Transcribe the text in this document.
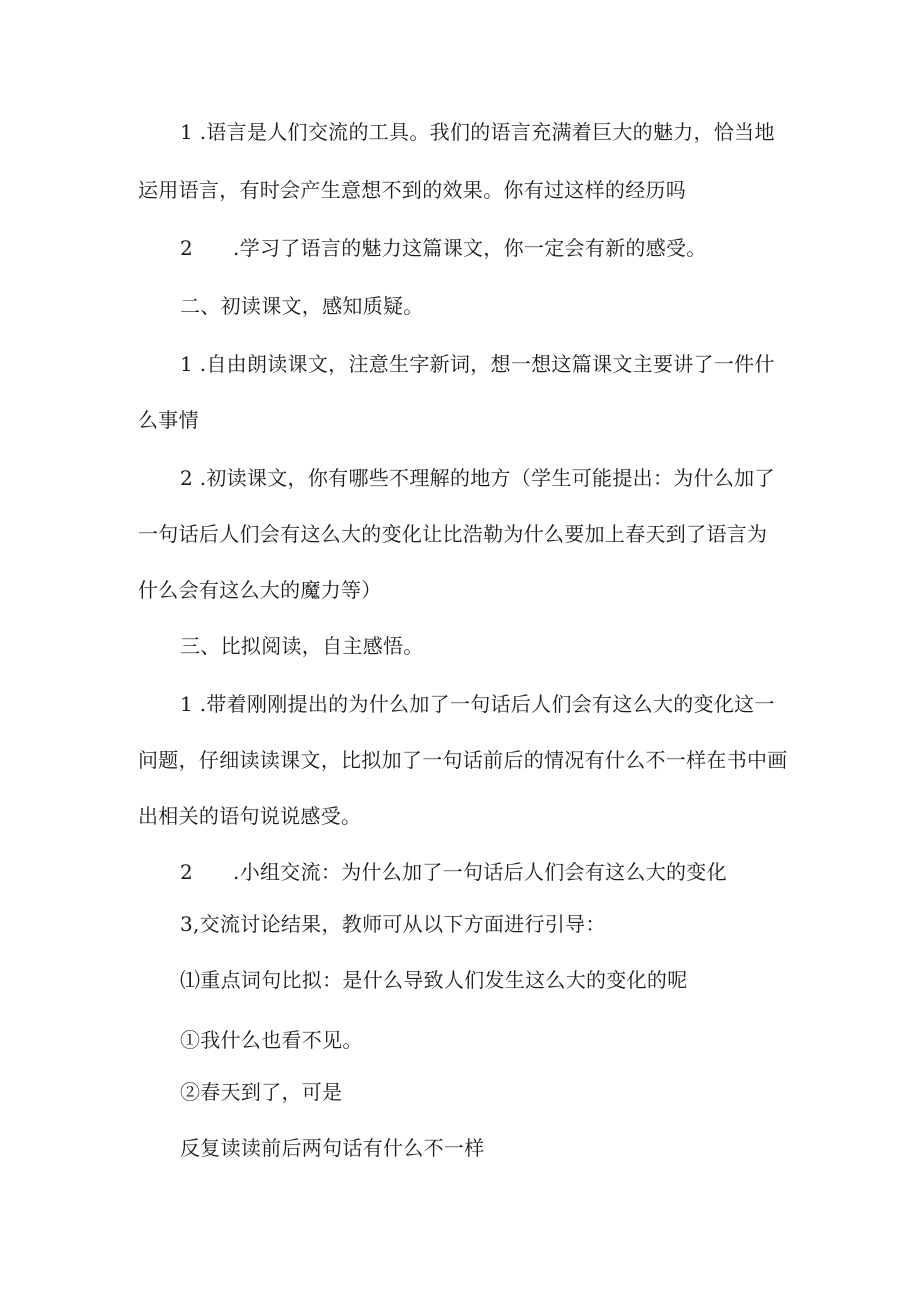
1 .语言是人们交流的工具。我们的语言充满着巨大的魅力，恰当地
运用语言，有时会产生意想不到的效果。你有过这样的经历吗
2 .学习了语言的魅力这篇课文，你一定会有新的感受。
二、初读课文，感知质疑。
1 .自由朗读课文，注意生字新词，想一想这篇课文主要讲了一件什
么事情
2 .初读课文，你有哪些不理解的地方（学生可能提出：为什么加了
一句话后人们会有这么大的变化让比浩勒为什么要加上春天到了语言为
什么会有这么大的魔力等）
三、比拟阅读，自主感悟。
1 .带着刚刚提出的为什么加了一句话后人们会有这么大的变化这一
问题，仔细读读课文，比拟加了一句话前后的情况有什么不一样在书中画
出相关的语句说说感受。
2 .小组交流：为什么加了一句话后人们会有这么大的变化
3,交流讨论结果，教师可从以下方面进行引导：
⑴重点词句比拟：是什么导致人们发生这么大的变化的呢
①我什么也看不见。
②春天到了，可是
反复读读前后两句话有什么不一样
